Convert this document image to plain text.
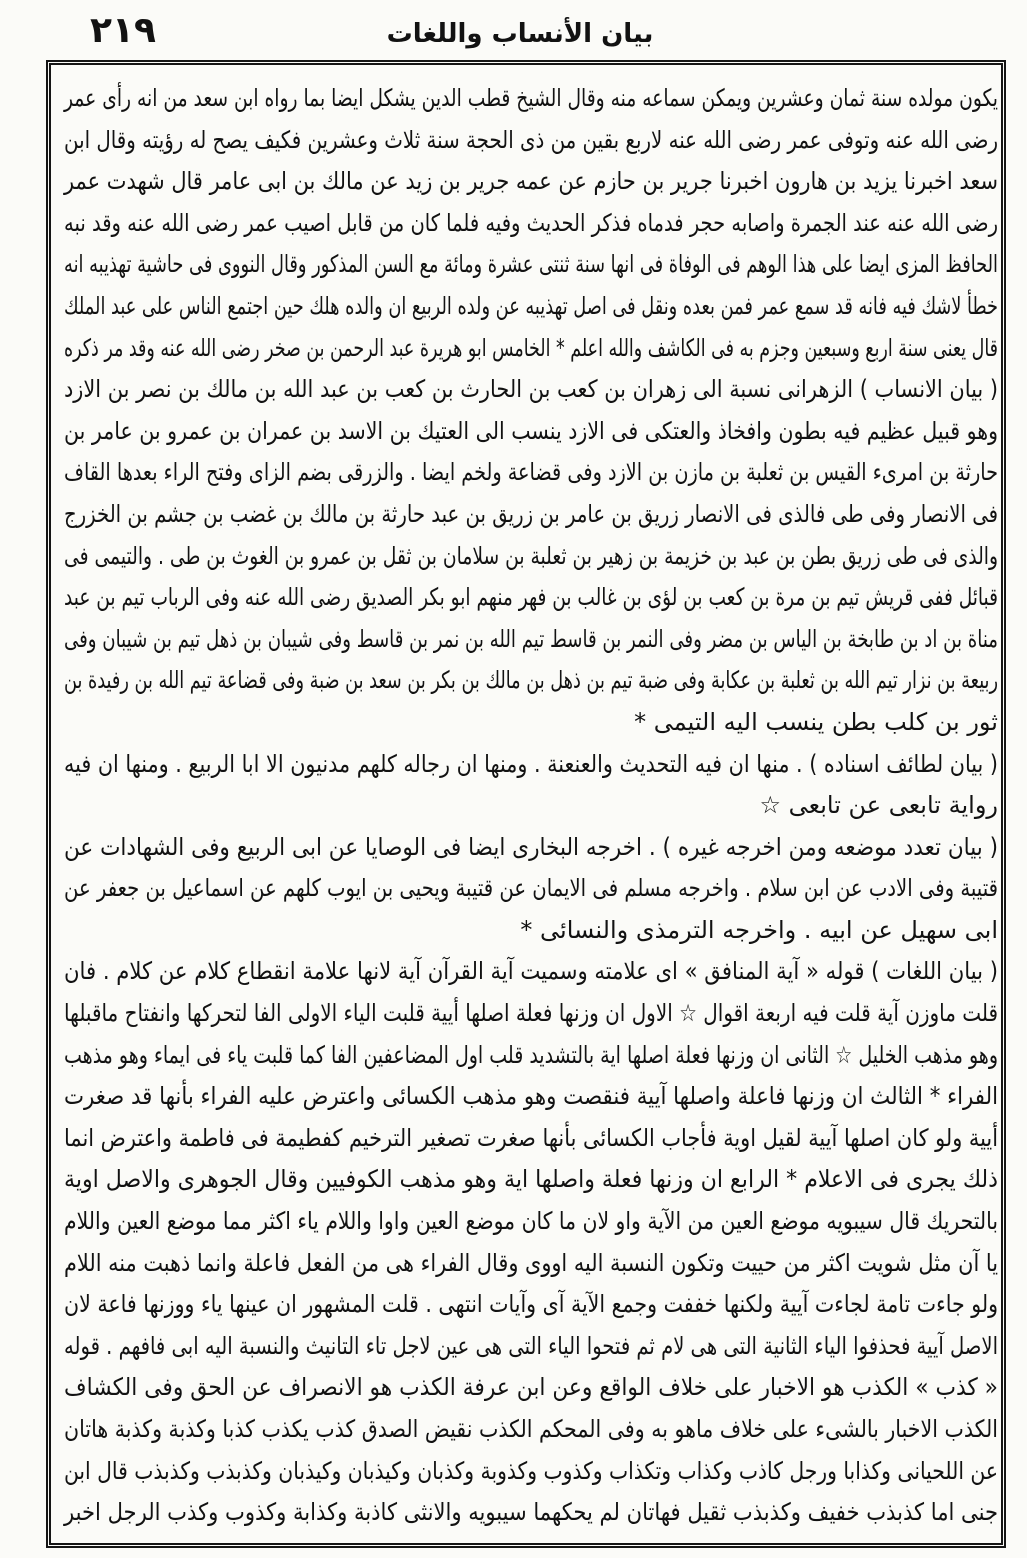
٢١٩	بيان الأنساب واللغات
يكون مولده سنة ثمان وعشرين ويمكن سماعه منه وقال الشيخ قطب الدين يشكل ايضا بما رواه ابن سعد من انه رأى عمر
رضى الله عنه وتوفى عمر رضى الله عنه لاربع بقين من ذى الحجة سنة ثلاث وعشرين فكيف يصح له رؤيته وقال ابن
سعد اخبرنا يزيد بن هارون اخبرنا جرير بن حازم عن عمه جرير بن زيد عن مالك بن ابى عامر قال شهدت عمر
رضى الله عنه عند الجمرة واصابه حجر فدماه فذكر الحديث وفيه فلما كان من قابل اصيب عمر رضى الله عنه وقد نبه
الحافظ المزى ايضا على هذا الوهم فى الوفاة فى انها سنة ثنتى عشرة ومائة مع السن المذكور وقال النووى فى حاشية تهذيبه انه
خطأ لاشك فيه فانه قد سمع عمر فمن بعده ونقل فى اصل تهذيبه عن ولده الربيع ان والده هلك حين اجتمع الناس على عبد الملك
قال يعنى سنة اربع وسبعين وجزم به فى الكاشف والله اعلم * الخامس ابو هريرة عبد الرحمن بن صخر رضى الله عنه وقد مر ذكره
( بيان الانساب ) الزهرانى نسبة الى زهران بن كعب بن الحارث بن كعب بن عبد الله بن مالك بن نصر بن الازد
وهو قبيل عظيم فيه بطون وافخاذ والعتكى فى الازد ينسب الى العتيك بن الاسد بن عمران بن عمرو بن عامر بن
حارثة بن امرىء القيس بن ثعلبة بن مازن بن الازد وفى قضاعة ولخم ايضا . والزرقى بضم الزاى وفتح الراء بعدها القاف
فى الانصار وفى طى فالذى فى الانصار زريق بن عامر بن زريق بن عبد حارثة بن مالك بن غضب بن جشم بن الخزرج
والذى فى طى زريق بطن بن عبد بن خزيمة بن زهير بن ثعلبة بن سلامان بن ثقل بن عمرو بن الغوث بن طى . والتيمى فى
قبائل ففى قريش تيم بن مرة بن كعب بن لؤى بن غالب بن فهر منهم ابو بكر الصديق رضى الله عنه وفى الرباب تيم بن عبد
مناة بن اد بن طابخة بن الياس بن مضر وفى النمر بن قاسط تيم الله بن نمر بن قاسط وفى شيبان بن ذهل تيم بن شيبان وفى
ربيعة بن نزار تيم الله بن ثعلبة بن عكابة وفى ضبة تيم بن ذهل بن مالك بن بكر بن سعد بن ضبة وفى قضاعة تيم الله بن رفيدة بن
ثور بن كلب بطن ينسب اليه التيمى *
( بيان لطائف اسناده ) . منها ان فيه التحديث والعنعنة . ومنها ان رجاله كلهم مدنيون الا ابا الربيع . ومنها ان فيه
رواية تابعى عن تابعى ☆
( بيان تعدد موضعه ومن اخرجه غيره ) . اخرجه البخارى ايضا فى الوصايا عن ابى الربيع وفى الشهادات عن
قتيبة وفى الادب عن ابن سلام . واخرجه مسلم فى الايمان عن قتيبة ويحيى بن ايوب كلهم عن اسماعيل بن جعفر عن
ابى سهيل عن ابيه . واخرجه الترمذى والنسائى *
( بيان اللغات ) قوله « آية المنافق » اى علامته وسميت آية القرآن آية لانها علامة انقطاع كلام عن كلام . فان
قلت ماوزن آية قلت فيه اربعة اقوال ☆ الاول ان وزنها فعلة اصلها أيية قلبت الياء الاولى الفا لتحركها وانفتاح ماقبلها
وهو مذهب الخليل ☆ الثانى ان وزنها فعلة اصلها اية بالتشديد قلب اول المضاعفين الفا كما قلبت ياء فى ايماء وهو مذهب
الفراء * الثالث ان وزنها فاعلة واصلها آيية فنقصت وهو مذهب الكسائى واعترض عليه الفراء بأنها قد صغرت
أيية ولو كان اصلها آيية لقيل اوية فأجاب الكسائى بأنها صغرت تصغير الترخيم كفطيمة فى فاطمة واعترض انما
ذلك يجرى فى الاعلام * الرابع ان وزنها فعلة واصلها اية وهو مذهب الكوفيين وقال الجوهرى والاصل اوية
بالتحريك قال سيبويه موضع العين من الآية واو لان ما كان موضع العين واوا واللام ياء اكثر مما موضع العين واللام
يا آن مثل شويت اكثر من حييت وتكون النسبة اليه اووى وقال الفراء هى من الفعل فاعلة وانما ذهبت منه اللام
ولو جاءت تامة لجاءت آيية ولكنها خففت وجمع الآية آى وآيات انتهى . قلت المشهور ان عينها ياء ووزنها فاعة لان
الاصل آيية فحذفوا الياء الثانية التى هى لام ثم فتحوا الياء التى هى عين لاجل تاء التانيث والنسبة اليه ابى فافهم . قوله
« كذب » الكذب هو الاخبار على خلاف الواقع وعن ابن عرفة الكذب هو الانصراف عن الحق وفى الكشاف
الكذب الاخبار بالشىء على خلاف ماهو به وفى المحكم الكذب نقيض الصدق كذب يكذب كذبا وكذبة وكذبة هاتان
عن اللحيانى وكذابا ورجل كاذب وكذاب وتكذاب وكذوب وكذوبة وكذبان وكيذبان وكيذبان وكذبذب وكذبذب قال ابن
جنى اما كذبذب خفيف وكذبذب ثقيل فهاتان لم يحكهما سيبويه والانثى كاذبة وكذابة وكذوب وكذب الرجل اخبر
